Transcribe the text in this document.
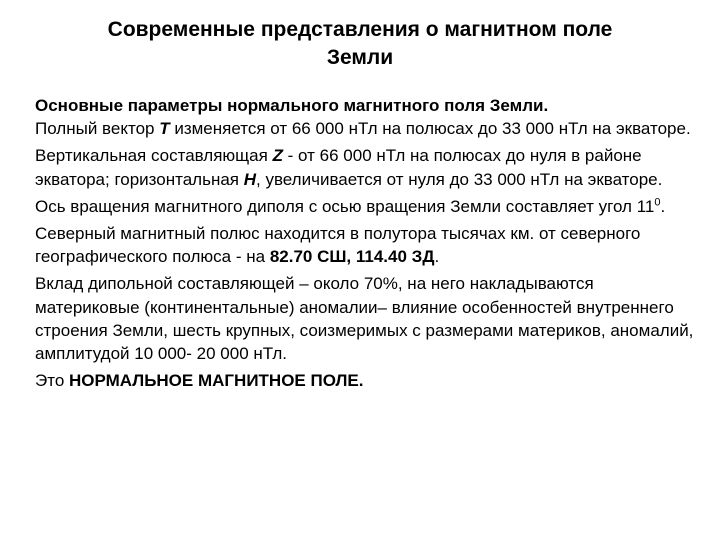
Современные представления о магнитном поле
Земли
Основные параметры нормального магнитного поля Земли.
Полный вектор T изменяется от 66 000 нТл на полюсах до 33 000 нТл на экваторе.
Вертикальная составляющая Z - от 66 000 нТл на полюсах до нуля в районе экватора; горизонтальная H, увеличивается от нуля до 33 000 нТл на экваторе.
Ось вращения магнитного диполя с осью вращения Земли составляет угол $11^0$.
Северный магнитный полюс находится в полутора тысячах км. от северного географического полюса - на 82.70 СШ, 114.40 ЗД.
Вклад дипольной составляющей – около 70%, на него накладываются материковые (континентальные) аномалии– влияние особенностей внутреннего строения Земли, шесть крупных, соизмеримых с размерами материков, аномалий, амплитудой 10 000- 20 000 нТл.
Это НОРМАЛЬНОЕ МАГНИТНОЕ ПОЛЕ.
